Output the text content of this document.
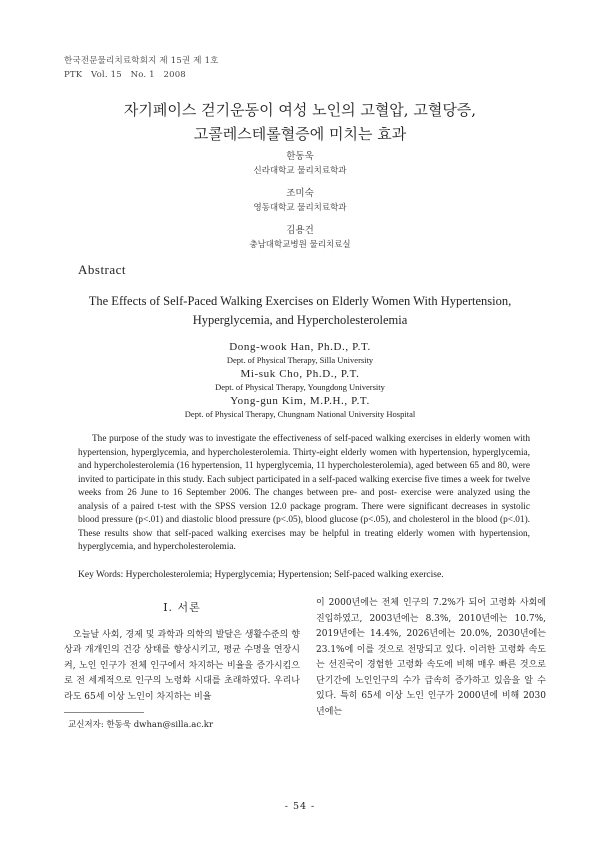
한국전문물리치료학회지 제 15권 제 1호
PTK   Vol. 15   No. 1   2008
자기페이스 걷기운동이 여성 노인의 고혈압, 고혈당증,
고콜레스테롤혈증에 미치는 효과
한동욱
신라대학교 물리치료학과
조미숙
영동대학교 물리치료학과
김용건
충남대학교병원 물리치료실
Abstract
The Effects of Self-Paced Walking Exercises on Elderly Women With Hypertension,
Hyperglycemia, and Hypercholesterolemia
Dong-wook Han, Ph.D., P.T.
Dept. of Physical Therapy, Silla University
Mi-suk Cho, Ph.D., P.T.
Dept. of Physical Therapy, Youngdong University
Yong-gun Kim, M.P.H., P.T.
Dept. of Physical Therapy, Chungnam National University Hospital
The purpose of the study was to investigate the effectiveness of self-paced walking exercises in elderly women with hypertension, hyperglycemia, and hypercholesterolemia. Thirty-eight elderly women with hypertension, hyperglycemia, and hypercholesterolemia (16 hypertension, 11 hyperglycemia, 11 hypercholesterolemia), aged between 65 and 80, were invited to participate in this study. Each subject participated in a self-paced walking exercise five times a week for twelve weeks from 26 June to 16 September 2006. The changes between pre- and post- exercise were analyzed using the analysis of a paired t-test with the SPSS version 12.0 package program. There were significant decreases in systolic blood pressure (p<.01) and diastolic blood pressure (p<.05), blood glucose (p<.05), and cholesterol in the blood (p<.01). These results show that self-paced walking exercises may be helpful in treating elderly women with hypertension, hyperglycemia, and hypercholesterolemia.
Key Words: Hypercholesterolemia; Hyperglycemia; Hypertension; Self-paced walking exercise.
Ⅰ. 서론

오늘날 사회, 경제 및 과학과 의학의 발달은 생활수준의 향상과 개개인의 건강 상태를 향상시키고, 평균 수명을 연장시켜, 노인 인구가 전체 인구에서 차지하는 비율을 증가시킴으로 전 세계적으로 인구의 노령화 시대를 초래하였다. 우리나라도 65세 이상 노인이 차지하는 비율

이 2000년에는 전체 인구의 7.2%가 되어 고령화 사회에 진입하였고, 2003년에는 8.3%, 2010년에는 10.7%, 2019년에는 14.4%, 2026년에는 20.0%, 2030년에는 23.1%에 이를 것으로 전망되고 있다. 이러한 고령화 속도는 선진국이 경험한 고령화 속도에 비해 매우 빠른 것으로 단기간에 노인인구의 수가 급속히 증가하고 있음을 알 수 있다. 특히 65세 이상 노인 인구가 2000년에 비해 2030년에는

교신저자: 한동욱 dwhan@silla.ac.kr
- 54 -
